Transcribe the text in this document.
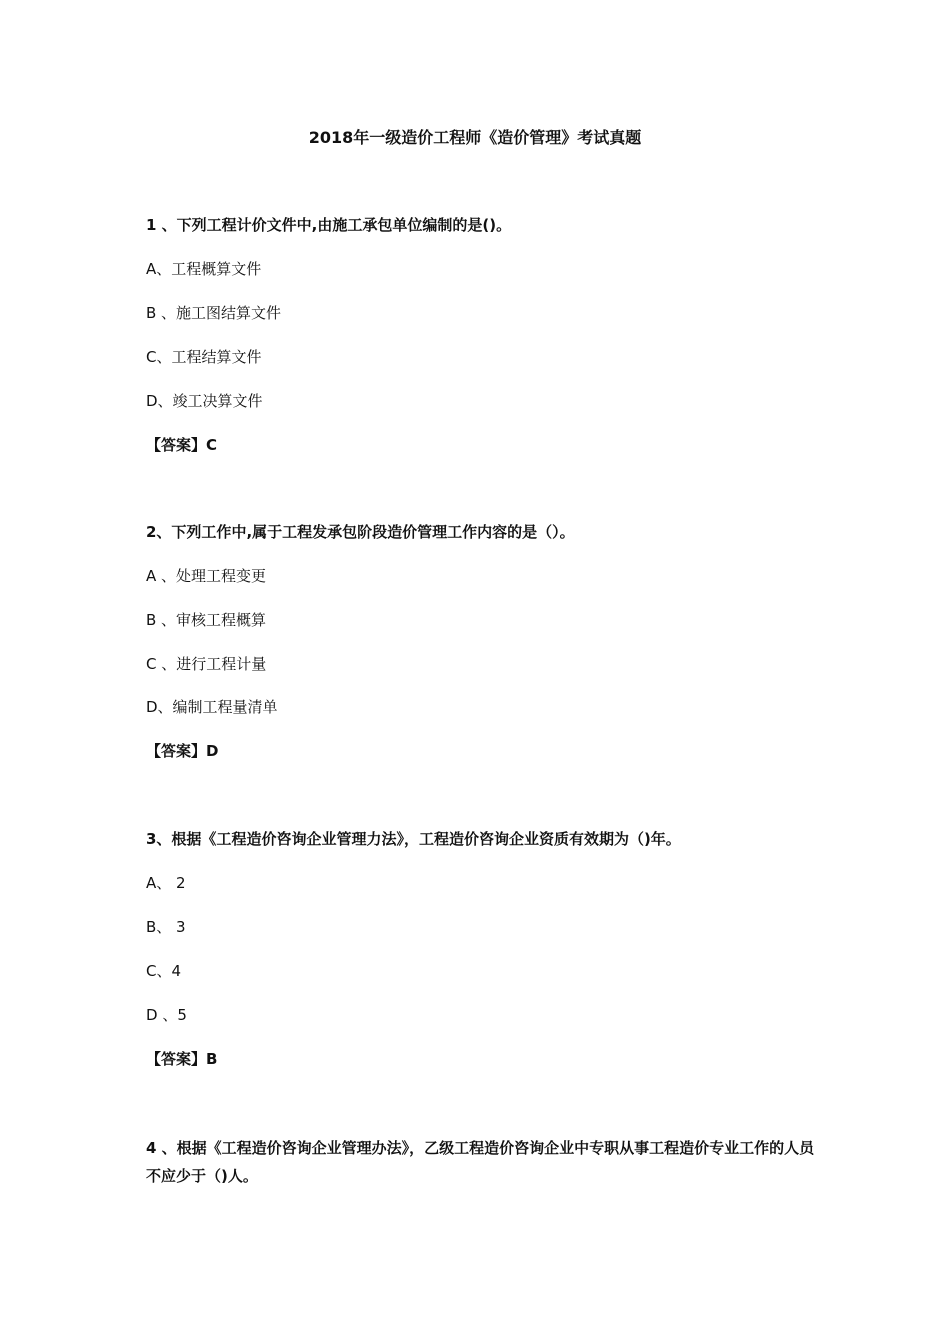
2018年一级造价工程师《造价管理》考试真题
1 、下列工程计价文件中,由施工承包单位编制的是()。
A、工程概算文件
B 、施工图结算文件
C、工程结算文件
D、竣工决算文件
【答案】C
2、下列工作中,属于工程发承包阶段造价管理工作内容的是（）。
A 、处理工程变更
B 、审核工程概算
C 、进行工程计量
D、编制工程量清单
【答案】D
3、根据《工程造价咨询企业管理力法》，工程造价咨询企业资质有效期为（)年。
A、 2
B、 3
C、4
D 、5
【答案】B
4 、根据《工程造价咨询企业管理办法》，乙级工程造价咨询企业中专职从事工程造价专业工作的人员不应少于（)人。
